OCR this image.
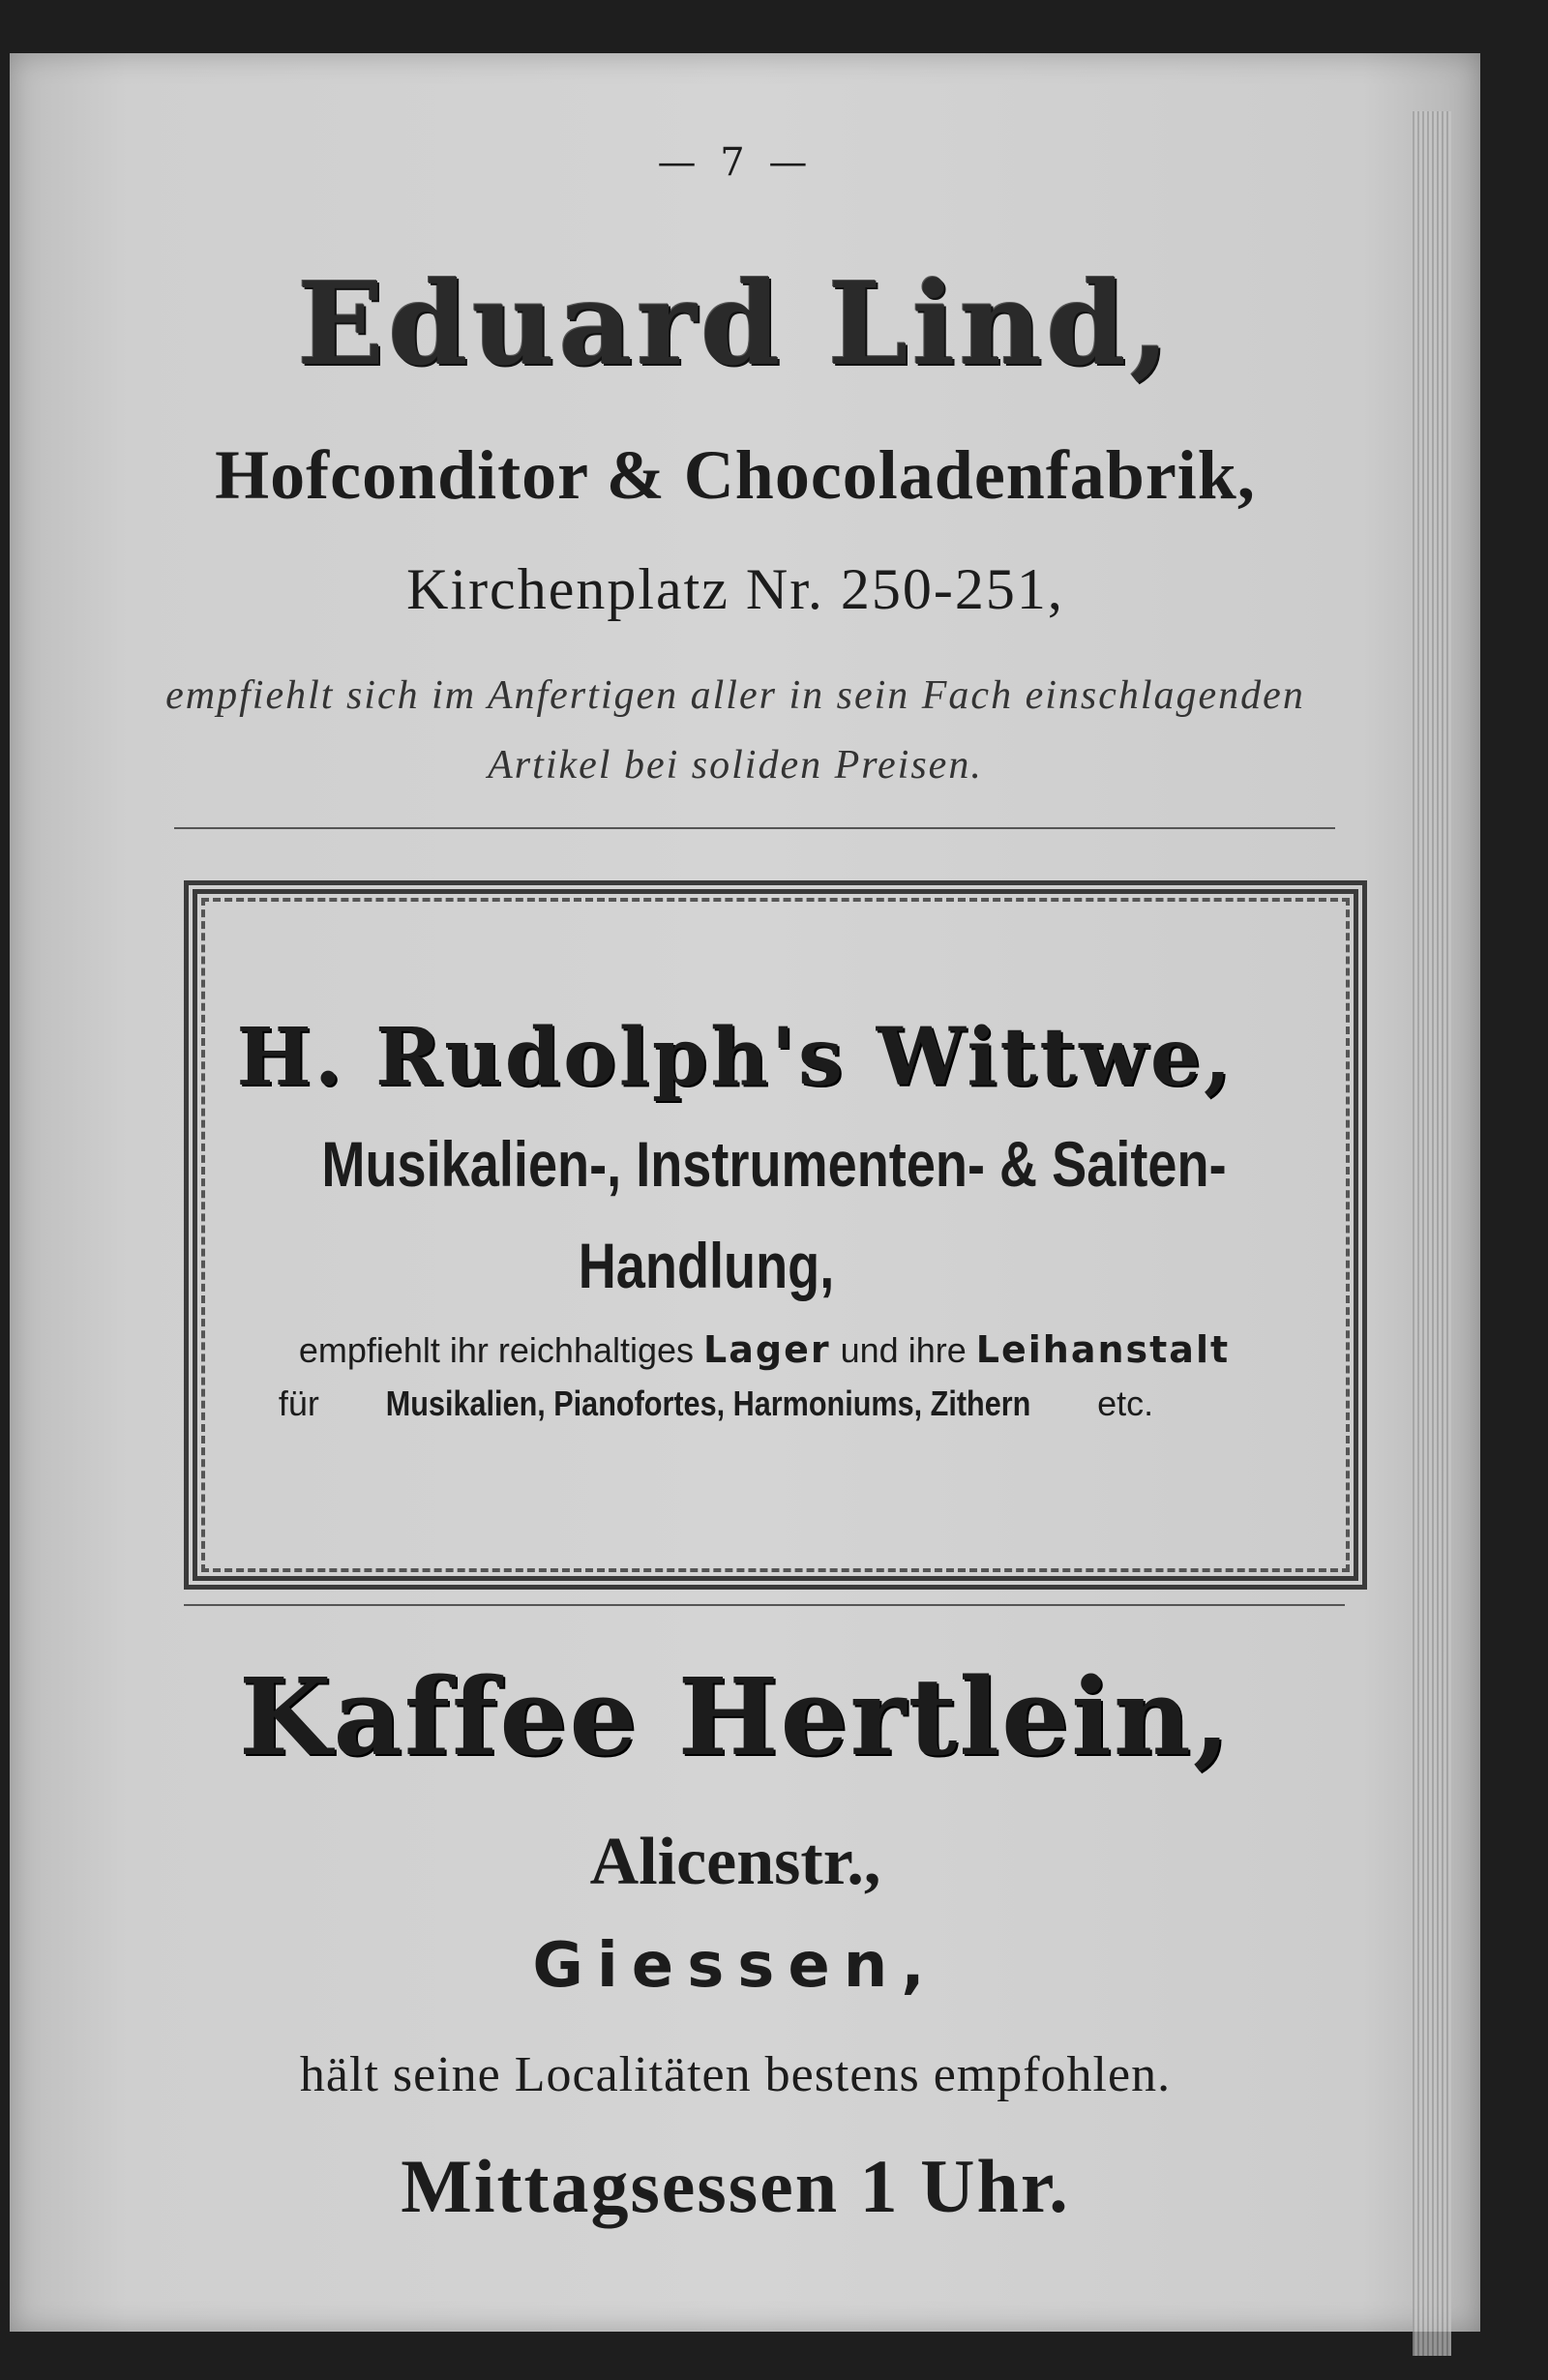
— 7 —
Eduard Lind,
Hofconditor & Chocoladenfabrik,
Kirchenplatz Nr. 250-251,
empfiehlt sich im Anfertigen aller in sein Fach einschlagenden
Artikel bei soliden Preisen.
H. Rudolph's Wittwe,
Musikalien-, Instrumenten- & Saiten-
Handlung,
empfiehlt ihr reichhaltiges Lager und ihre Leihanstalt
für Musikalien, Pianofortes, Harmoniums, Zithern etc.
Kaffee Hertlein,
Alicenstr.,
Giessen,
hält seine Localitäten bestens empfohlen.
Mittagsessen 1 Uhr.
